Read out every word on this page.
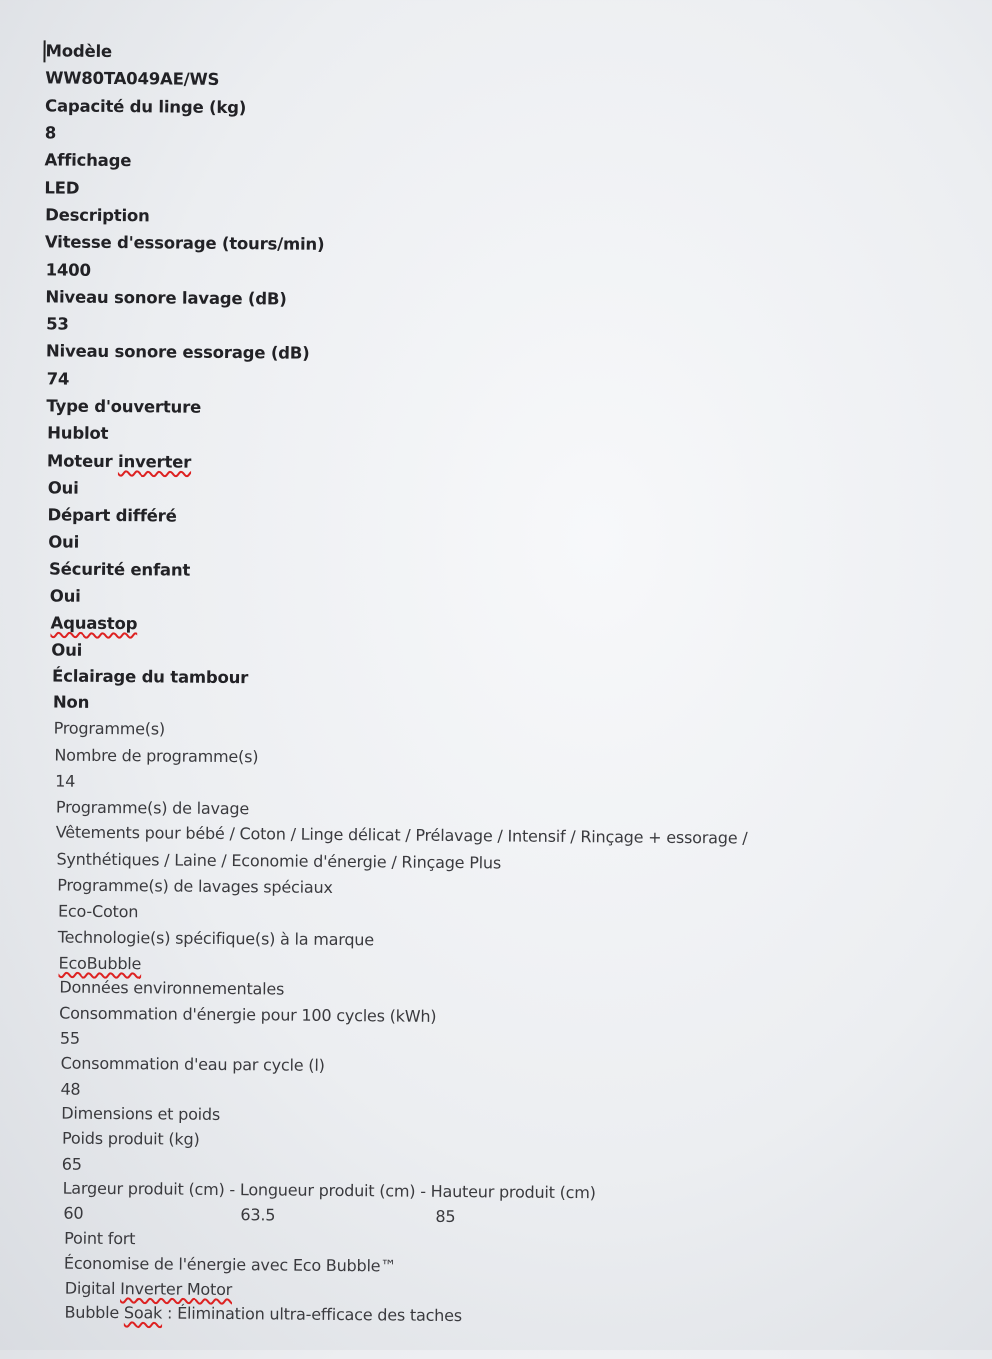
Modèle
WW80TA049AE/WS
Capacité du linge (kg)
8
Affichage
LED
Description
Vitesse d'essorage (tours/min)
1400
Niveau sonore lavage (dB)
53
Niveau sonore essorage (dB)
74
Type d'ouverture
Hublot
Moteur inverter
Oui
Départ différé
Oui
Sécurité enfant
Oui
Aquastop
Oui
Éclairage du tambour
Non
Programme(s)
Nombre de programme(s)
14
Programme(s) de lavage
Vêtements pour bébé / Coton / Linge délicat / Prélavage / Intensif / Rinçage + essorage /
Synthétiques / Laine / Economie d'énergie / Rinçage Plus
Programme(s) de lavages spéciaux
Eco-Coton
Technologie(s) spécifique(s) à la marque
EcoBubble
Données environnementales
Consommation d'énergie pour 100 cycles (kWh)
55
Consommation d'eau par cycle (l)
48
Dimensions et poids
Poids produit (kg)
65
Largeur produit (cm) - Longueur produit (cm) - Hauteur produit (cm)
60	63.5	85
Point fort
Économise de l'énergie avec Eco Bubble™
Digital Inverter Motor
Bubble Soak : Élimination ultra-efficace des taches
